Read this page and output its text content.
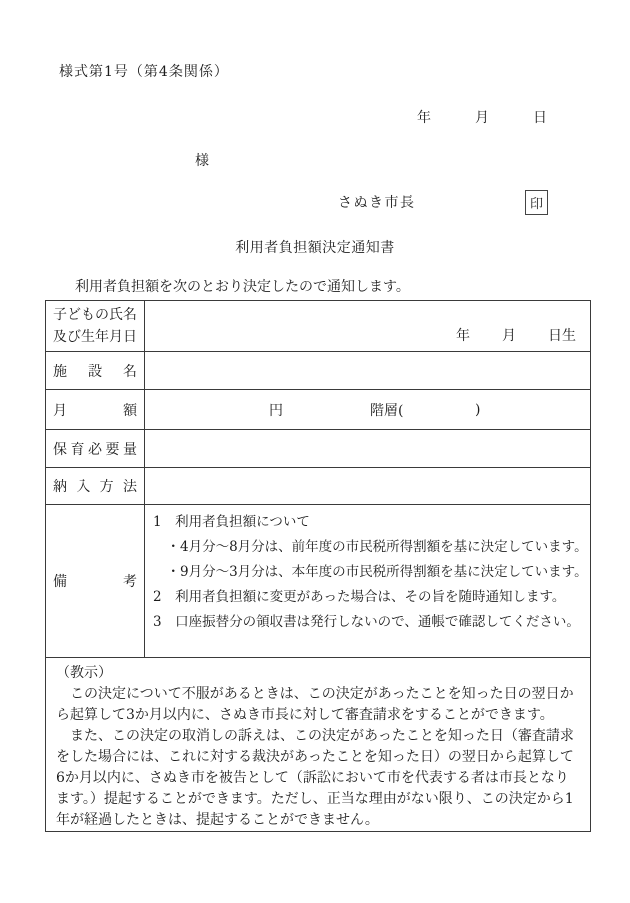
様式第1号（第4条関係）
年	月	日
様
さぬき市長	印
利用者負担額決定通知書
利用者負担額を次のとおり決定したので通知します。
子どもの氏名
及び生年月日	年 月 日生
施設名
月額	円	階層(	)
保育必要量
納入方法
備考
1　利用者負担額について
　・4月分～8月分は、前年度の市民税所得割額を基に決定しています。
　・9月分～3月分は、本年度の市民税所得割額を基に決定しています。
2　利用者負担額に変更があった場合は、その旨を随時通知します。
3　口座振替分の領収書は発行しないので、通帳で確認してください。
（教示）

　この決定について不服があるときは、この決定があったことを知った日の翌日から起算して3か月以内に、さぬき市長に対して審査請求をすることができます。

　また、この決定の取消しの訴えは、この決定があったことを知った日（審査請求をした場合には、これに対する裁決があったことを知った日）の翌日から起算して6か月以内に、さぬき市を被告として（訴訟において市を代表する者は市長となります。）提起することができます。ただし、正当な理由がない限り、この決定から1年が経過したときは、提起することができません。
